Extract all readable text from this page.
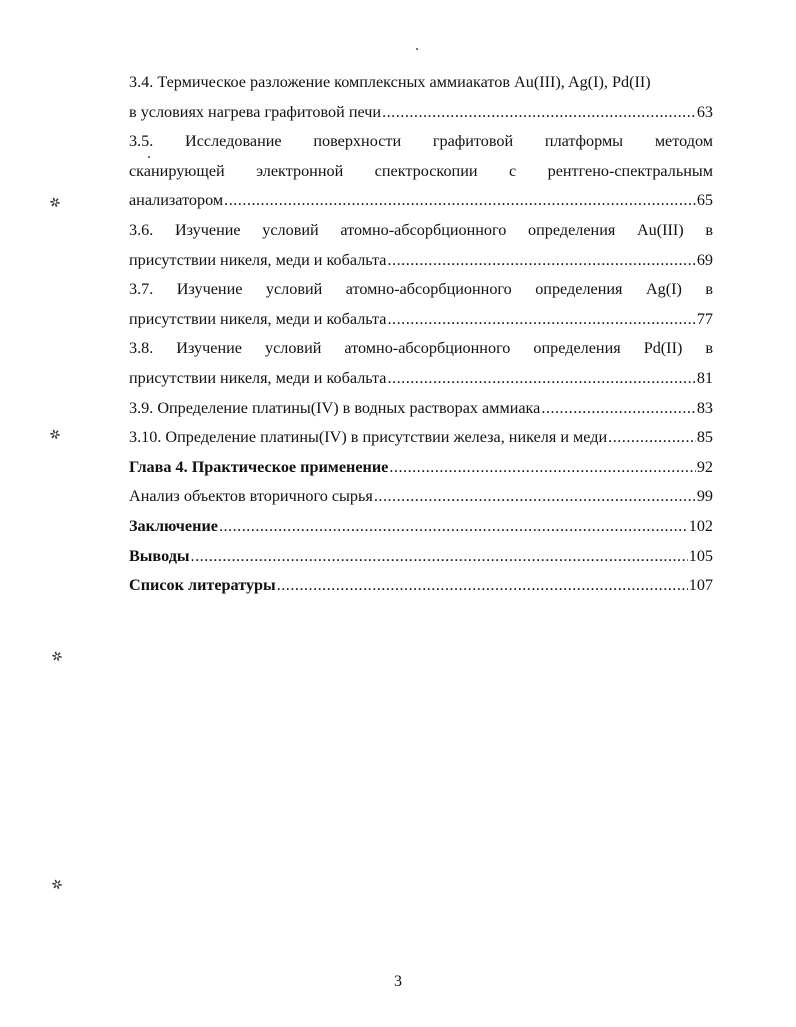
3.4. Термическое разложение комплексных аммиакатов Au(III), Ag(I), Pd(II)
в условиях нагрева графитовой печи .....	63
3.5. Исследование поверхности графитовой платформы методом
сканирующей электронной спектроскопии с рентгено-спектральным
анализатором .....	65
3.6. Изучение условий атомно-абсорбционного определения Au(III) в
присутствии никеля, меди и кобальта .....	69
3.7. Изучение условий атомно-абсорбционного определения Ag(I) в
присутствии никеля, меди и кобальта .....	77
3.8. Изучение условий атомно-абсорбционного определения Pd(II) в
присутствии никеля, меди и кобальта .....	81
3.9. Определение платины(IV) в водных растворах аммиака .....	83
3.10. Определение платины(IV) в присутствии железа, никеля и меди .....	85
Глава 4. Практическое применение .....	92
Анализ объектов вторичного сырья .....	99
Заключение .....	102
Выводы .....	105
Список литературы .....	107
✲
✲
✲
✲
3
